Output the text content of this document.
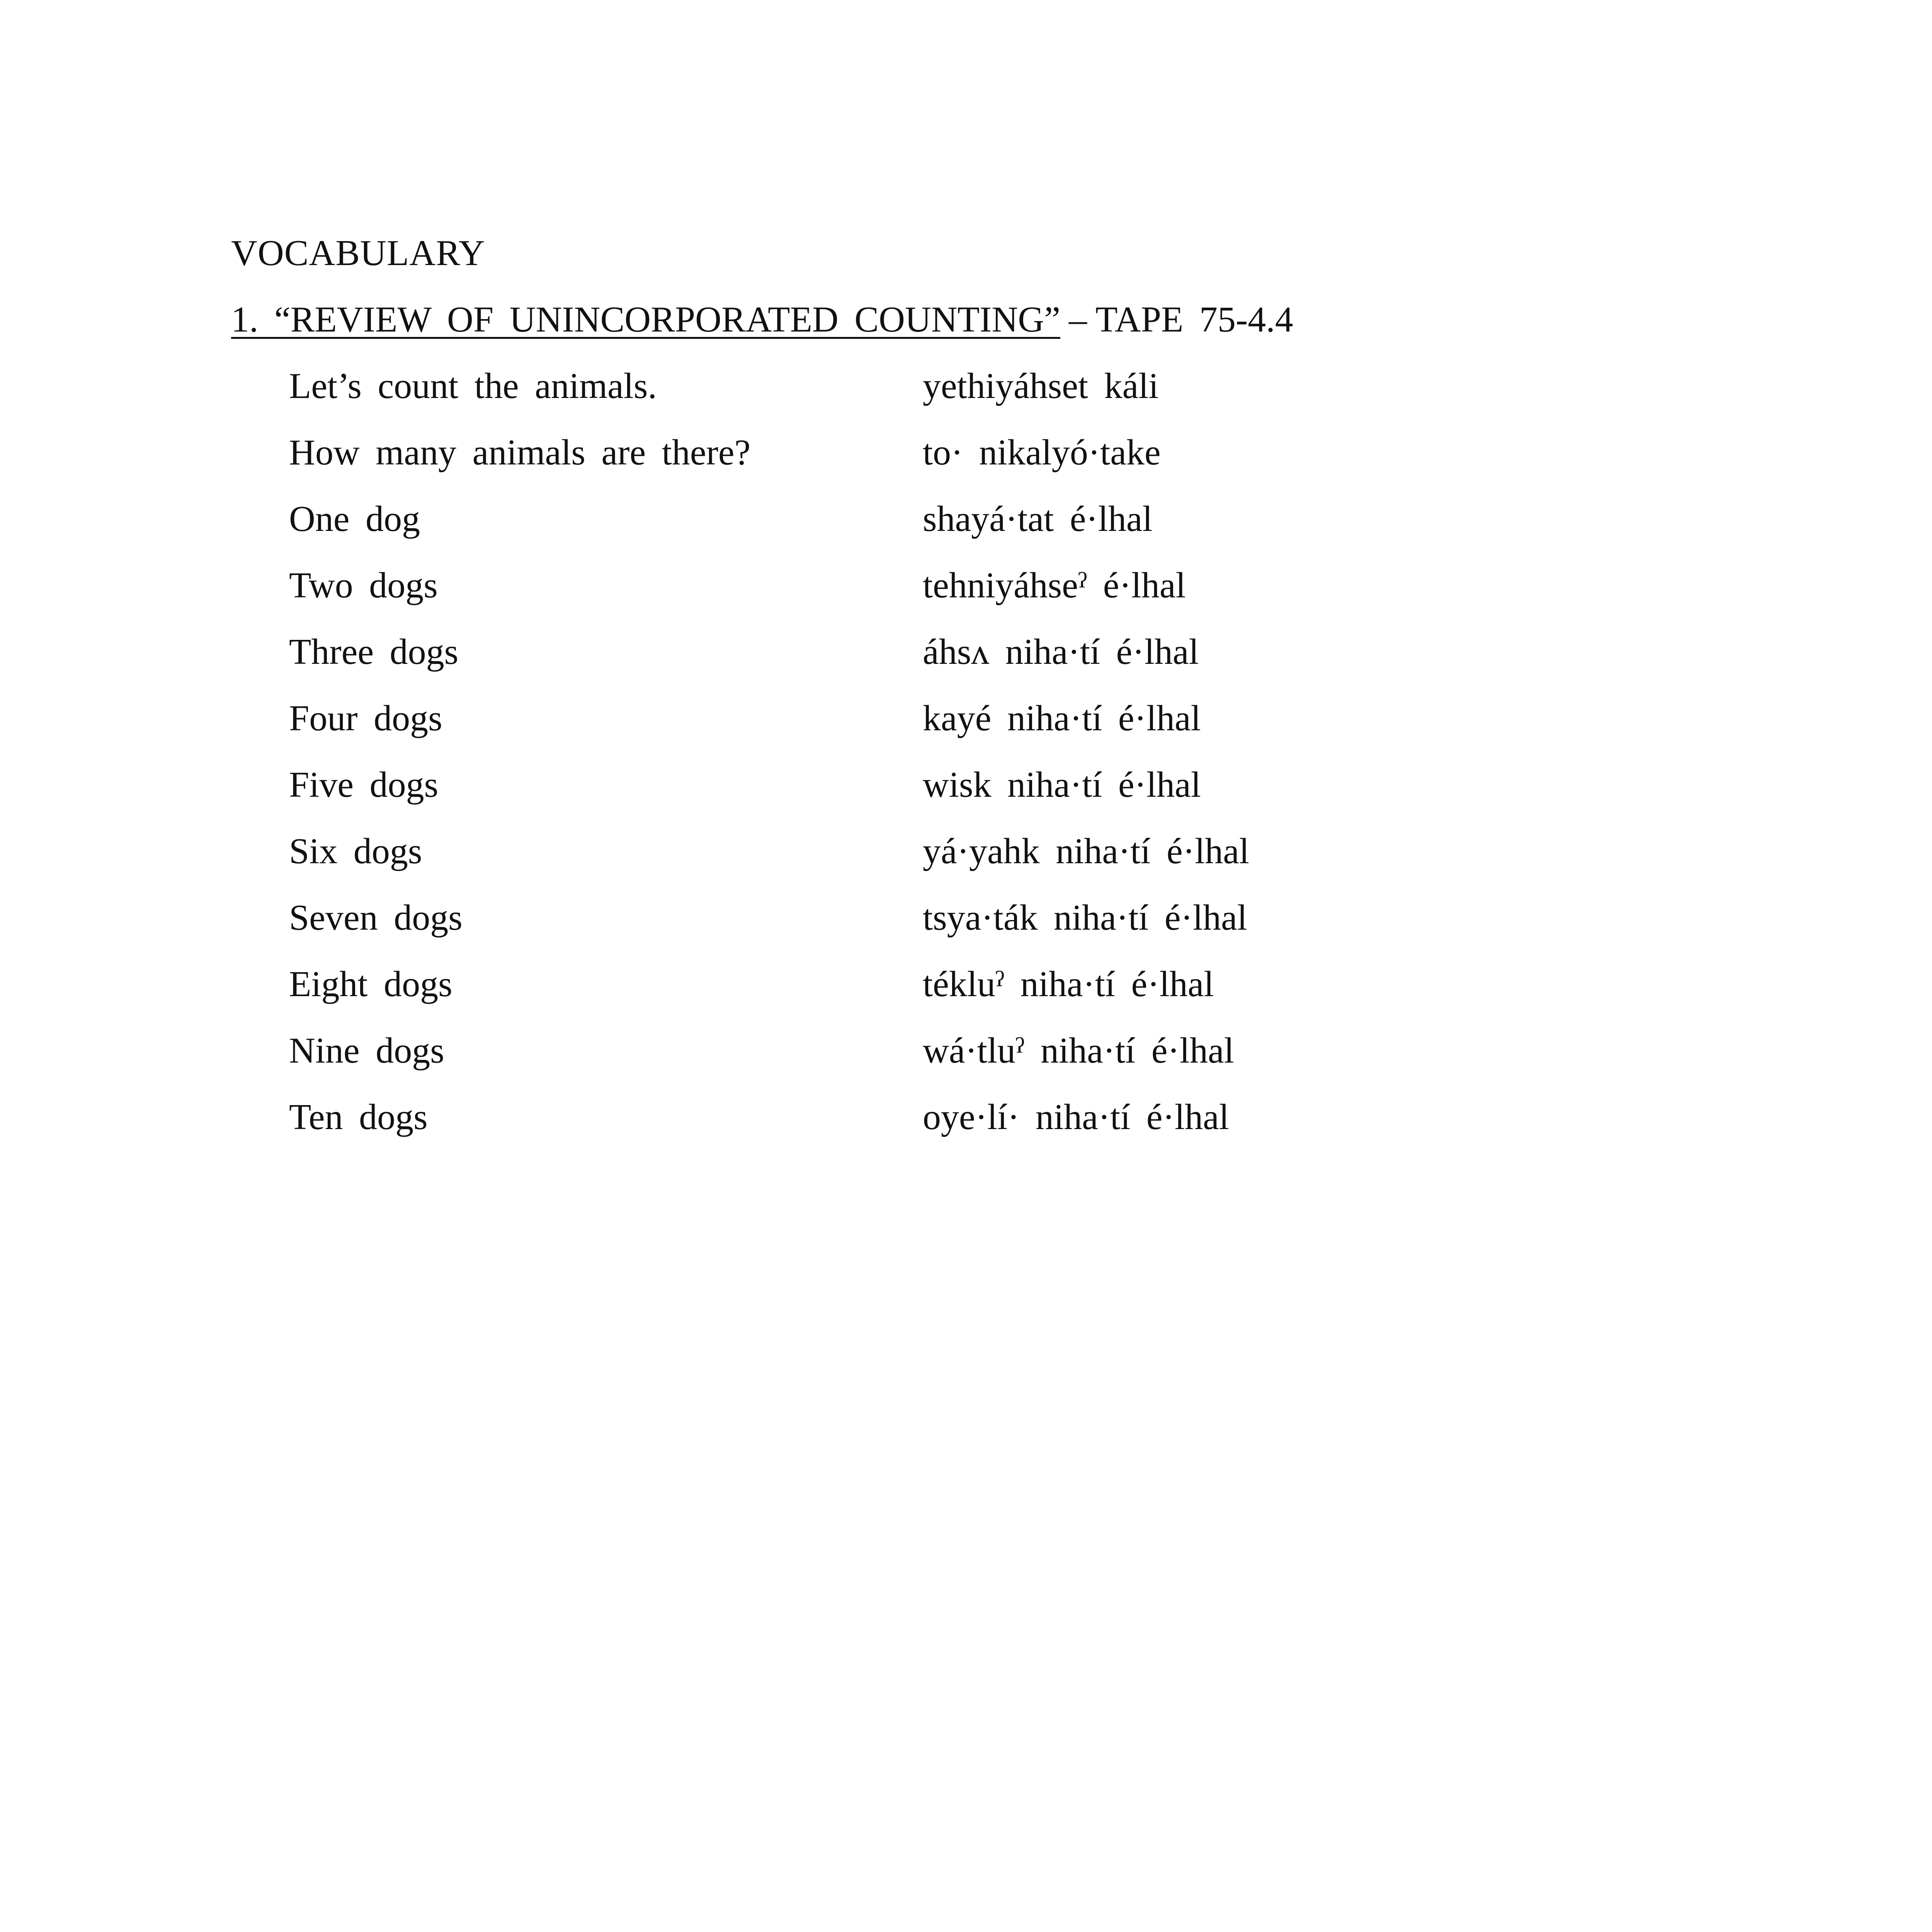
VOCABULARY
1. “REVIEW OF UNINCORPORATED COUNTING” – TAPE 75-4.4
Let’s count the animals.	yethiyáhset káli
How many animals are there?	to· nikalyó·take
One dog	shayá·tat é·lhal
Two dogs	tehniyáhseˀ é·lhal
Three dogs	áhsʌ niha·tí é·lhal
Four dogs	kayé niha·tí é·lhal
Five dogs	wisk niha·tí é·lhal
Six dogs	yá·yahk niha·tí é·lhal
Seven dogs	tsya·ták niha·tí é·lhal
Eight dogs	tékluˀ niha·tí é·lhal
Nine dogs	wá·tluˀ niha·tí é·lhal
Ten dogs	oye·lí· niha·tí é·lhal
